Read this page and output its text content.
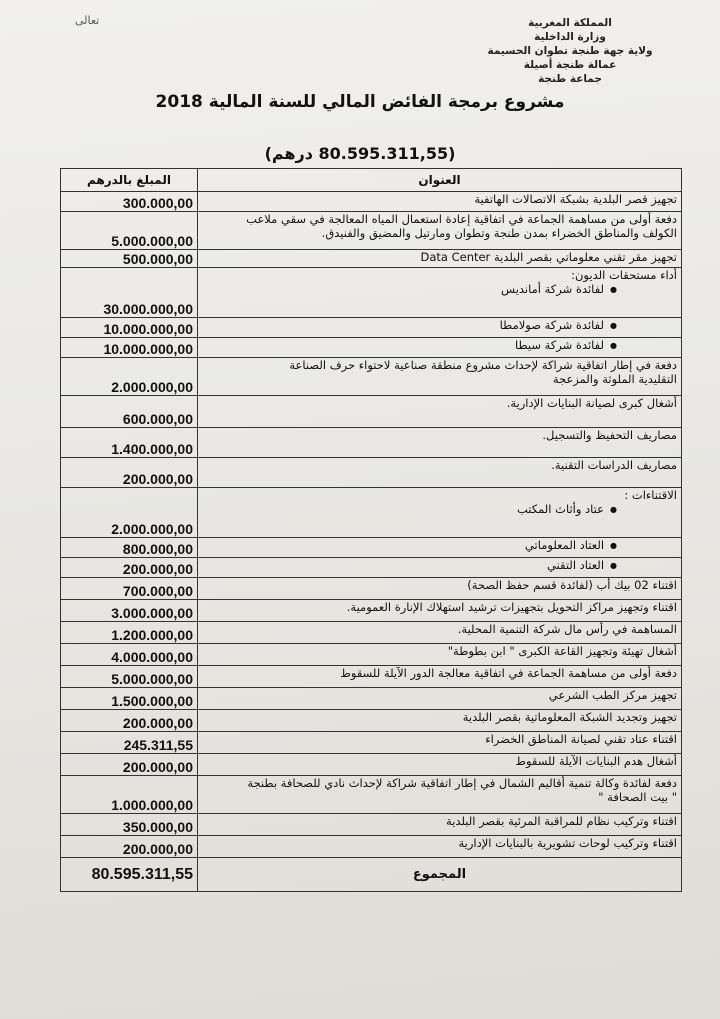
تعالى	المملكة المغربية
وزارة الداخلية
ولاية جهة طنجة تطوان الحسيمة
عمالة طنجة أصيلة
جماعة طنجة
مشروع برمجة الفائض المالي للسنة المالية 2018
(80.595.311,55 درهم)
المبلغ بالدرهم	العنوان
300.000,00	تجهيز قصر البلدية بشبكة الاتصالات الهاتفية

5.000.000,00	دفعة أولى من مساهمة الجماعة في اتفاقية إعادة استعمال المياه المعالجة في سقي ملاعب
الكولف والمناطق الخضراء بمدن طنجة وتطوان ومارتيل والمضيق والفنيدق.

500.000,00	تجهيز مقر تقني معلوماتي بقصر البلدية Data Center

30.000.000,00	أداء مستحقات الديون:
● لفائدة شركة أمانديس

10.000.000,00	● لفائدة شركة صولامطا

10.000.000,00	● لفائدة شركة سيطا

2.000.000,00	دفعة في إطار اتفاقية شراكة لإحداث مشروع منطقة صناعية لاحتواء حرف الصناعة
التقليدية الملوثة والمزعجة

600.000,00	أشغال كبرى لصيانة البنايات الإدارية.

1.400.000,00	مصاريف التحفيظ والتسجيل.

200.000,00	مصاريف الدراسات التقنية.

2.000.000,00	الاقتناءات :
● عتاد وأثاث المكتب

800.000,00	● العتاد المعلوماتي

200.000,00	● العتاد التقني

700.000,00	اقتناء 02 بيك أب (لفائدة قسم حفظ الصحة)

3.000.000,00	اقتناء وتجهيز مراكز التحويل بتجهيزات ترشيد استهلاك الإنارة العمومية.

1.200.000,00	المساهمة في رأس مال شركة التنمية المحلية.

4.000.000,00	أشغال تهيئة وتجهيز القاعة الكبرى " ابن بطوطة"

5.000.000,00	دفعة أولى من مساهمة الجماعة في اتفاقية معالجة الدور الآيلة للسقوط

1.500.000,00	تجهيز مركز الطب الشرعي

200.000,00	تجهيز وتجديد الشبكة المعلوماتية بقصر البلدية

245.311,55	اقتناء عتاد تقني لصيانة المناطق الخضراء

200.000,00	أشغال هدم البنايات الآيلة للسقوط

1.000.000,00	دفعة لفائدة وكالة تنمية أقاليم الشمال في إطار اتفاقية شراكة لإحداث نادي للصحافة بطنجة
" بيت الصحافة "

350.000,00	اقتناء وتركيب نظام للمراقبة المرئية بقصر البلدية

200.000,00	اقتناء وتركيب لوحات تشويرية بالبنايات الإدارية

80.595.311,55	المجموع
